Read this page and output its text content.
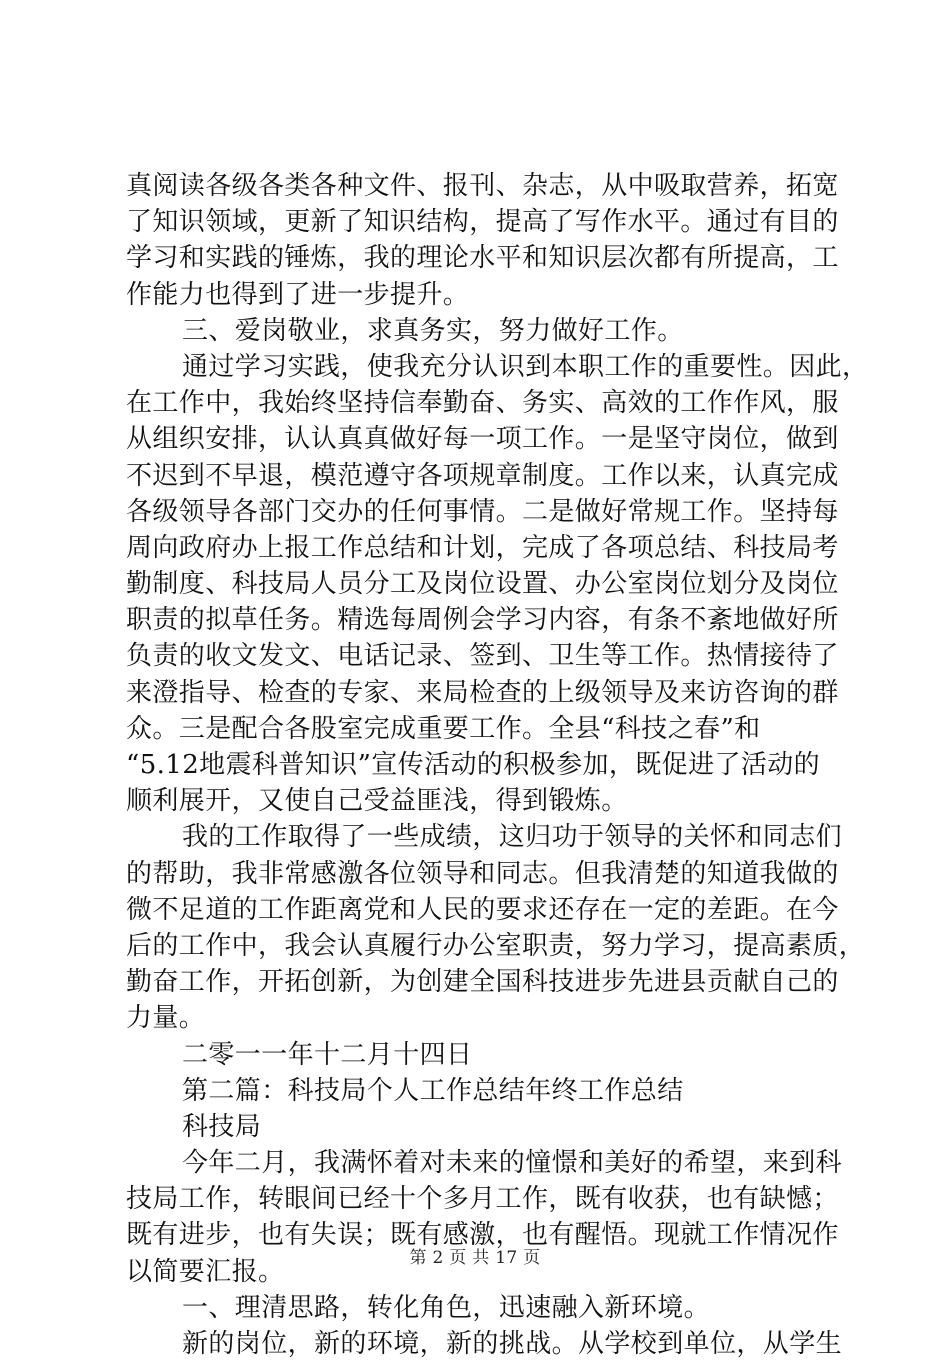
真阅读各级各类各种文件、报刊、杂志，从中吸取营养，拓宽
了知识领域，更新了知识结构，提高了写作水平。通过有目的
学习和实践的锤炼，我的理论水平和知识层次都有所提高，工
作能力也得到了进一步提升。
三、爱岗敬业，求真务实，努力做好工作。
通过学习实践，使我充分认识到本职工作的重要性。因此，
在工作中，我始终坚持信奉勤奋、务实、高效的工作作风，服
从组织安排，认认真真做好每一项工作。一是坚守岗位，做到
不迟到不早退，模范遵守各项规章制度。工作以来，认真完成
各级领导各部门交办的任何事情。二是做好常规工作。坚持每
周向政府办上报工作总结和计划，完成了各项总结、科技局考
勤制度、科技局人员分工及岗位设置、办公室岗位划分及岗位
职责的拟草任务。精选每周例会学习内容，有条不紊地做好所
负责的收文发文、电话记录、签到、卫生等工作。热情接待了
来澄指导、检查的专家、来局检查的上级领导及来访咨询的群
众。三是配合各股室完成重要工作。全县“科技之春”和
“5.12地震科普知识”宣传活动的积极参加，既促进了活动的
顺利展开，又使自己受益匪浅，得到锻炼。
我的工作取得了一些成绩，这归功于领导的关怀和同志们
的帮助，我非常感激各位领导和同志。但我清楚的知道我做的
微不足道的工作距离党和人民的要求还存在一定的差距。在今
后的工作中，我会认真履行办公室职责，努力学习，提高素质，
勤奋工作，开拓创新，为创建全国科技进步先进县贡献自己的
力量。
二零一一年十二月十四日
第二篇：科技局个人工作总结年终工作总结
科技局
今年二月，我满怀着对未来的憧憬和美好的希望，来到科
技局工作，转眼间已经十个多月工作，既有收获，也有缺憾；
既有进步，也有失误；既有感激，也有醒悟。现就工作情况作
以简要汇报。
一、理清思路，转化角色，迅速融入新环境。
新的岗位，新的环境，新的挑战。从学校到单位，从学生
第 2 页 共 17 页
